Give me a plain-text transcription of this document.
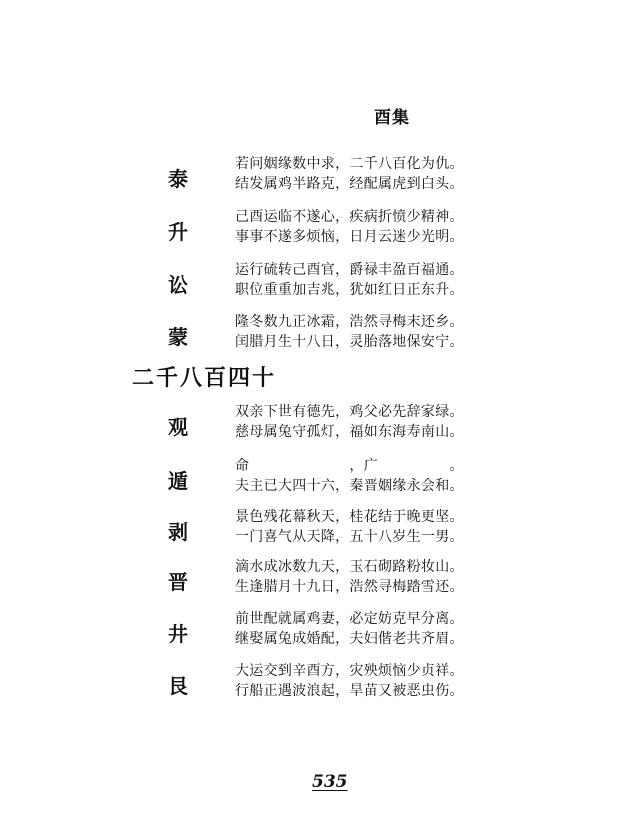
酉集
泰
若问姻缘数中求，二千八百化为仇。
结发属鸡半路克，经配属虎到白头。
升
己酉运临不遂心，疾病折愤少精神。
事事不遂多烦恼，日月云迷少光明。
讼
运行硫转己酉官，爵禄丰盈百福通。
职位重重加吉兆，犹如红日正东升。
蒙
隆冬数九正冰霜，浩然寻梅末还乡。
闰腊月生十八日，灵胎落地保安宁。
二千八百四十
观
双亲下世有德先，鸡父必先辞家绿。
慈母属兔守孤灯，福如东海寿南山。
遁
命　　　　　　　，广　　　　　。
夫主已大四十六，秦晋姻缘永会和。
剥
景色残花幕秋天，桂花结于晚更坚。
一门喜气从天降，五十八岁生一男。
晋
滴水成冰数九天，玉石砌路粉妆山。
生逢腊月十九日，浩然寻梅踏雪还。
井
前世配就属鸡妻，必定妨克早分离。
继娶属兔成婚配，夫妇偕老共齐眉。
艮
大运交到辛酉方，灾殃烦恼少贞祥。
行船正遇波浪起，旱苗又被恶虫伤。
535
